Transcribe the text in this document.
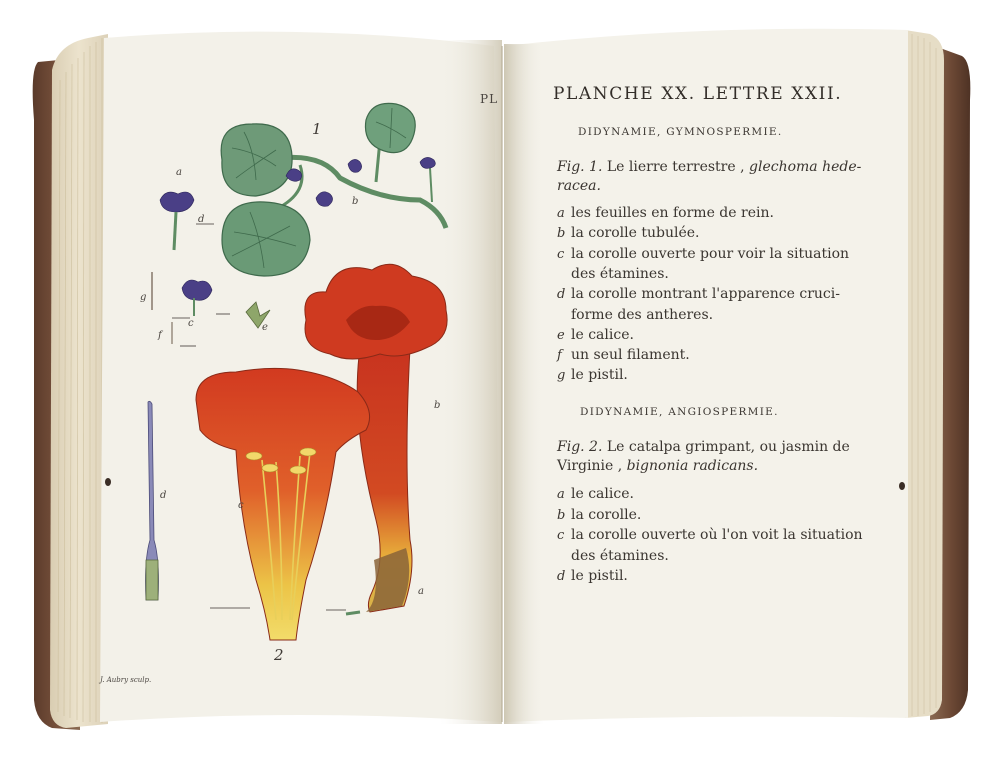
PL
1
2
a
b
d
g
c	e
f
d
b
c
a
J. Aubry sculp.
PLANCHE XX. LETTRE XXII.
DIDYNAMIE, GYMNOSPERMIE.
Fig. 1. Le lierre terrestre , glechoma hede-
racea.
a les feuilles en forme de rein.
b la corolle tubulée.
c la corolle ouverte pour voir la situation
des étamines.
d la corolle montrant l'apparence cruci-
forme des antheres.
e le calice.
f un seul filament.
g le pistil.
DIDYNAMIE, ANGIOSPERMIE.
Fig. 2. Le catalpa grimpant, ou jasmin de
Virginie , bignonia radicans.
a le calice.
b la corolle.
c la corolle ouverte où l'on voit la situation
des étamines.
d le pistil.
